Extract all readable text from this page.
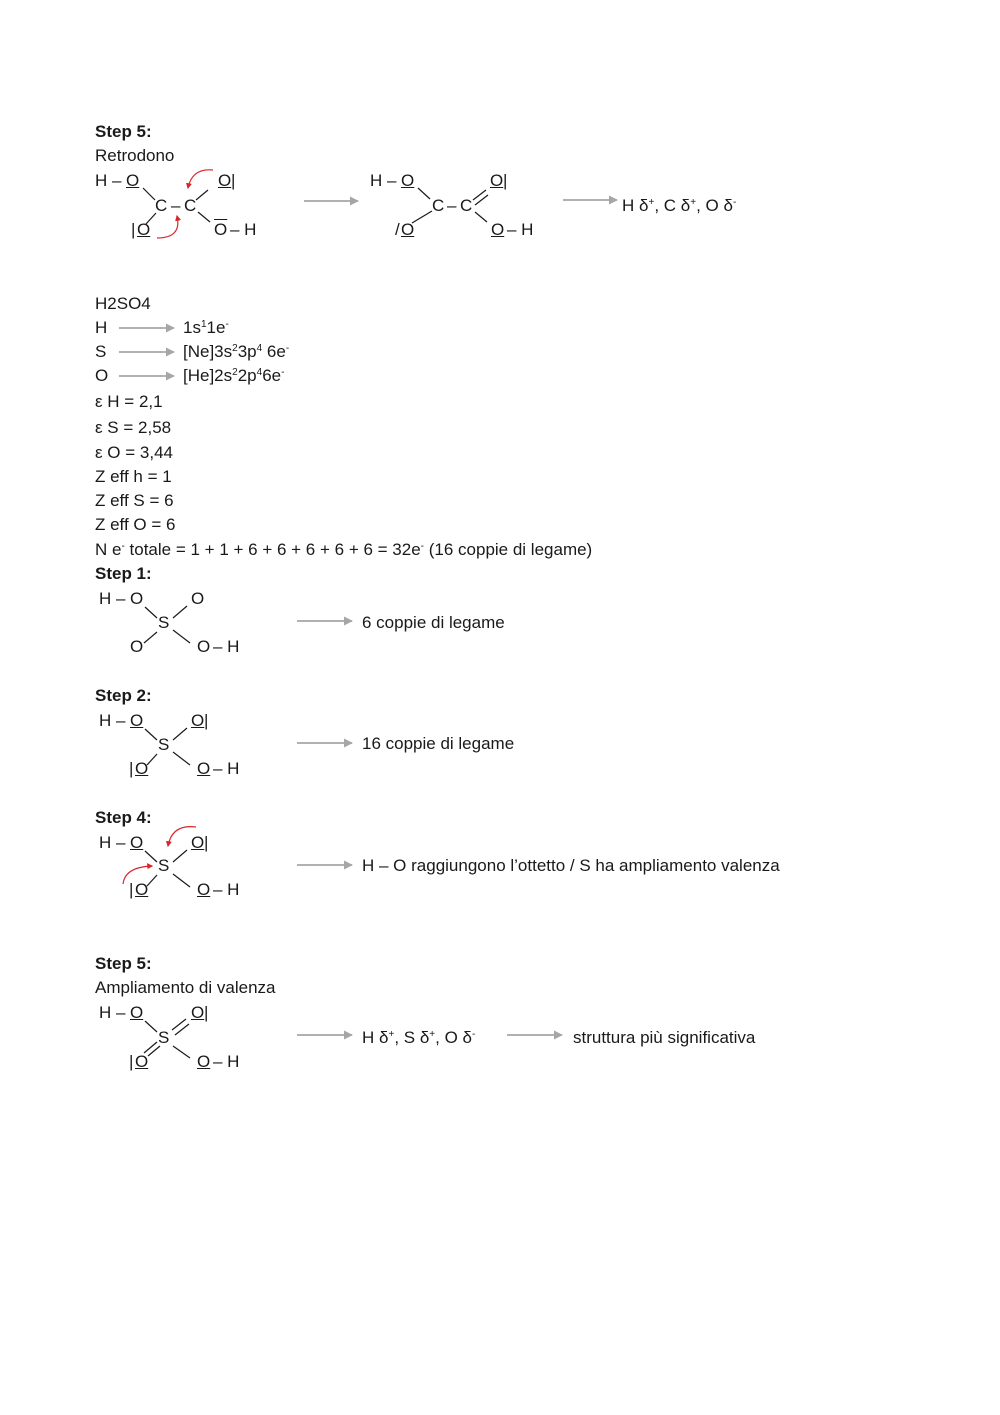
Step 5:
Retrodono
H – O	O |
C – C
| O	$\overline{O}$ – H
H – O	O |
C – C
/ O	O – H
H δ+, C δ+, O δ-
H2SO4
H	$1s^11e^-$
S	$[Ne]3s^23p^4$ 6e-
O	$[He]2s^22p^46e^-$
ε H = 2,1
ε S = 2,58
ε O = 3,44
Z eff h = 1
Z eff S = 6
Z eff O = 6
N e- totale = 1 + 1 + 6 + 6 + 6 + 6 + 6 = 32e- (16 coppie di legame)
Step 1:
H – O	O
S
O	O – H
6 coppie di legame
Step 2:
H – O	O |
S
| O	O – H
16 coppie di legame
Step 4:
H – O	O |
S
| O	O – H
H – O raggiungono l’ottetto / S ha ampliamento valenza
Step 5:
Ampliamento di valenza
H – O	O |
S
| O	O – H
H δ+, S δ+, O δ-	struttura più significativa
